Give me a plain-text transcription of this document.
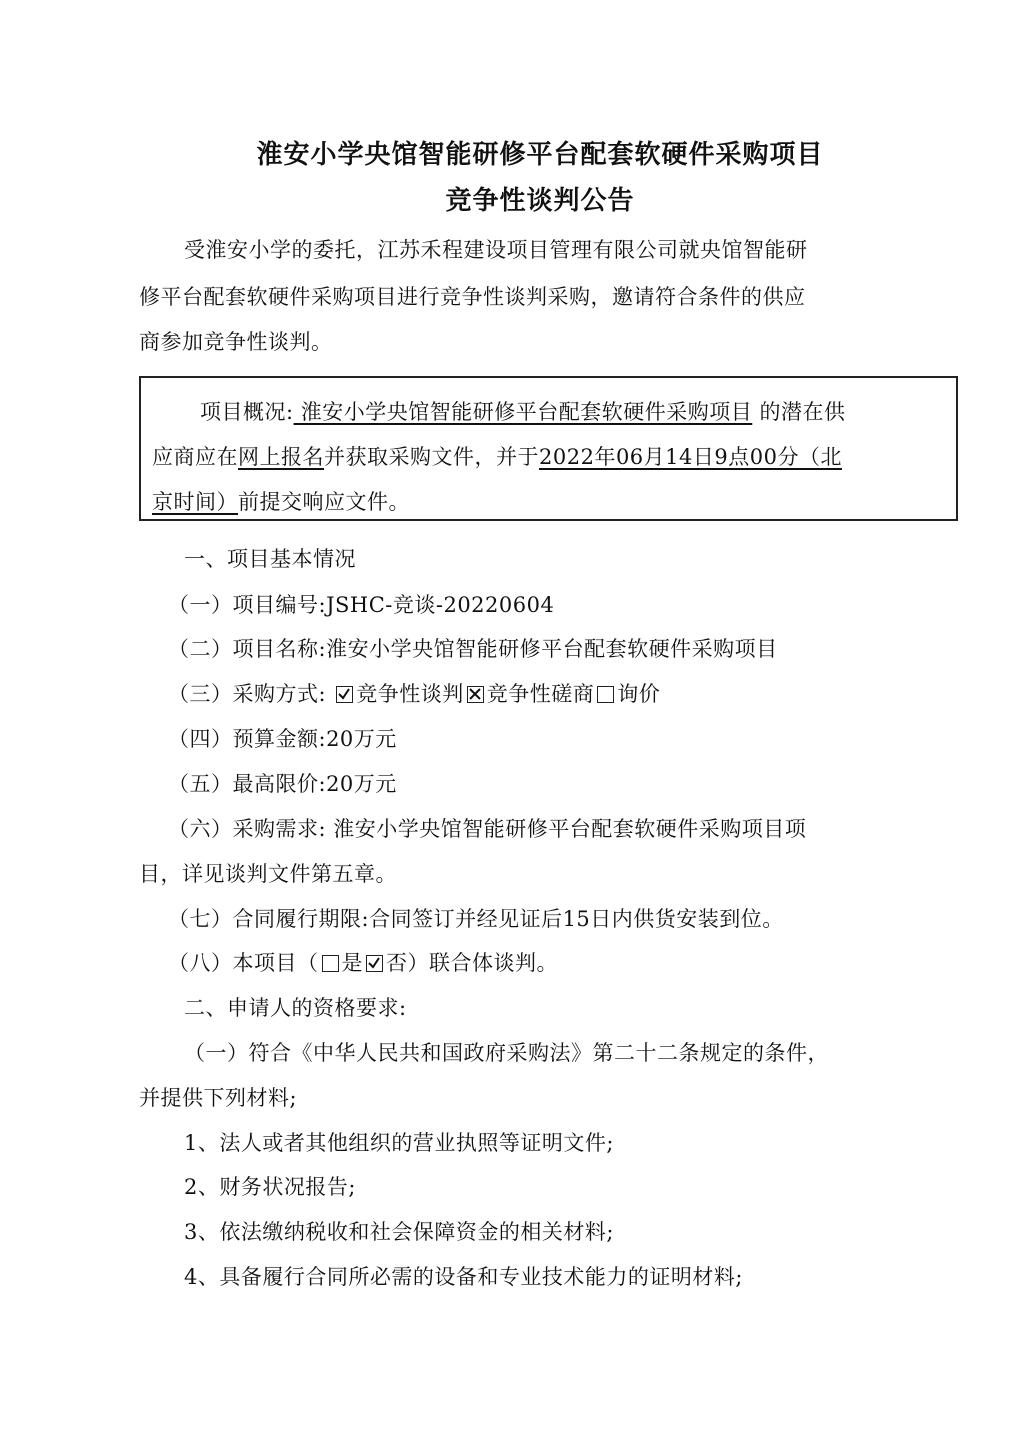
淮安小学央馆智能研修平台配套软硬件采购项目
竞争性谈判公告
受淮安小学的委托，江苏禾程建设项目管理有限公司就央馆智能研
修平台配套软硬件采购项目进行竞争性谈判采购，邀请符合条件的供应
商参加竞争性谈判。
项目概况: 淮安小学央馆智能研修平台配套软硬件采购项目 的潜在供
应商应在网上报名并获取采购文件，并于2022年06月14日9点00分（北
京时间）前提交响应文件。
一、项目基本情况
（一）项目编号:JSHC-竞谈-20220604
（二）项目名称:淮安小学央馆智能研修平台配套软硬件采购项目
（三）采购方式: 竞争性谈判 竞争性磋商 询价
（四）预算金额:20万元
（五）最高限价:20万元
（六）采购需求: 淮安小学央馆智能研修平台配套软硬件采购项目项
目，详见谈判文件第五章。
（七）合同履行期限:合同签订并经见证后15日内供货安装到位。
（八）本项目（ 是 否）联合体谈判。
二、申请人的资格要求:
（一）符合《中华人民共和国政府采购法》第二十二条规定的条件，
并提供下列材料;
1、法人或者其他组织的营业执照等证明文件;
2、财务状况报告;
3、依法缴纳税收和社会保障资金的相关材料;
4、具备履行合同所必需的设备和专业技术能力的证明材料;
